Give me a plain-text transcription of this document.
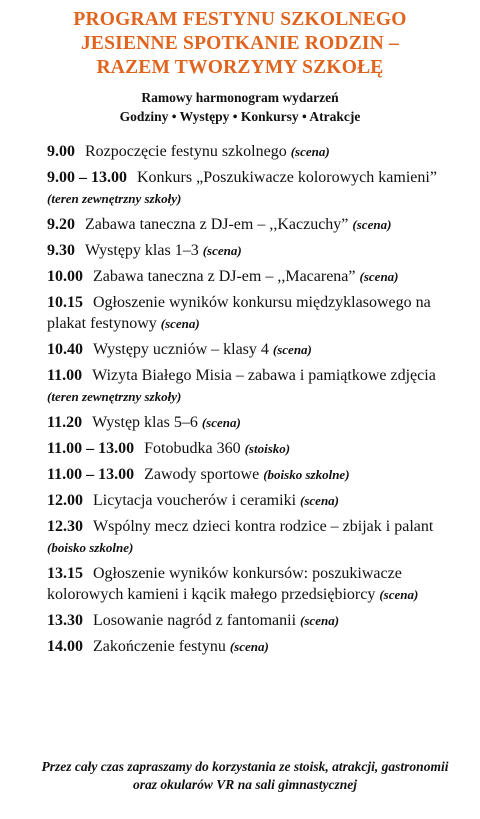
PROGRAM FESTYNU SZKOLNEGO
JESIENNE SPOTKANIE RODZIN –
RAZEM TWORZYMY SZKOŁĘ
Ramowy harmonogram wydarzeń
Godziny • Występy • Konkursy • Atrakcje
9.00 Rozpoczęcie festynu szkolnego (scena)
9.00 – 13.00 Konkurs „Poszukiwacze kolorowych kamieni” (teren zewnętrzny szkoły)
9.20 Zabawa taneczna z DJ-em – ,,Kaczuchy” (scena)
9.30 Występy klas 1–3 (scena)
10.00 Zabawa taneczna z DJ-em – ,,Macarena” (scena)
10.15 Ogłoszenie wyników konkursu międzyklasowego na plakat festynowy (scena)
10.40 Występy uczniów – klasy 4 (scena)
11.00 Wizyta Białego Misia – zabawa i pamiątkowe zdjęcia (teren zewnętrzny szkoły)
11.20 Występ klas 5–6 (scena)
11.00 – 13.00 Fotobudka 360 (stoisko)
11.00 – 13.00 Zawody sportowe (boisko szkolne)
12.00 Licytacja voucherów i ceramiki (scena)
12.30 Wspólny mecz dzieci kontra rodzice – zbijak i palant (boisko szkolne)
13.15 Ogłoszenie wyników konkursów: poszukiwacze kolorowych kamieni i kącik małego przedsiębiorcy (scena)
13.30 Losowanie nagród z fantomanii (scena)
14.00 Zakończenie festynu (scena)
Przez cały czas zapraszamy do korzystania ze stoisk, atrakcji, gastronomii
oraz okularów VR na sali gimnastycznej
